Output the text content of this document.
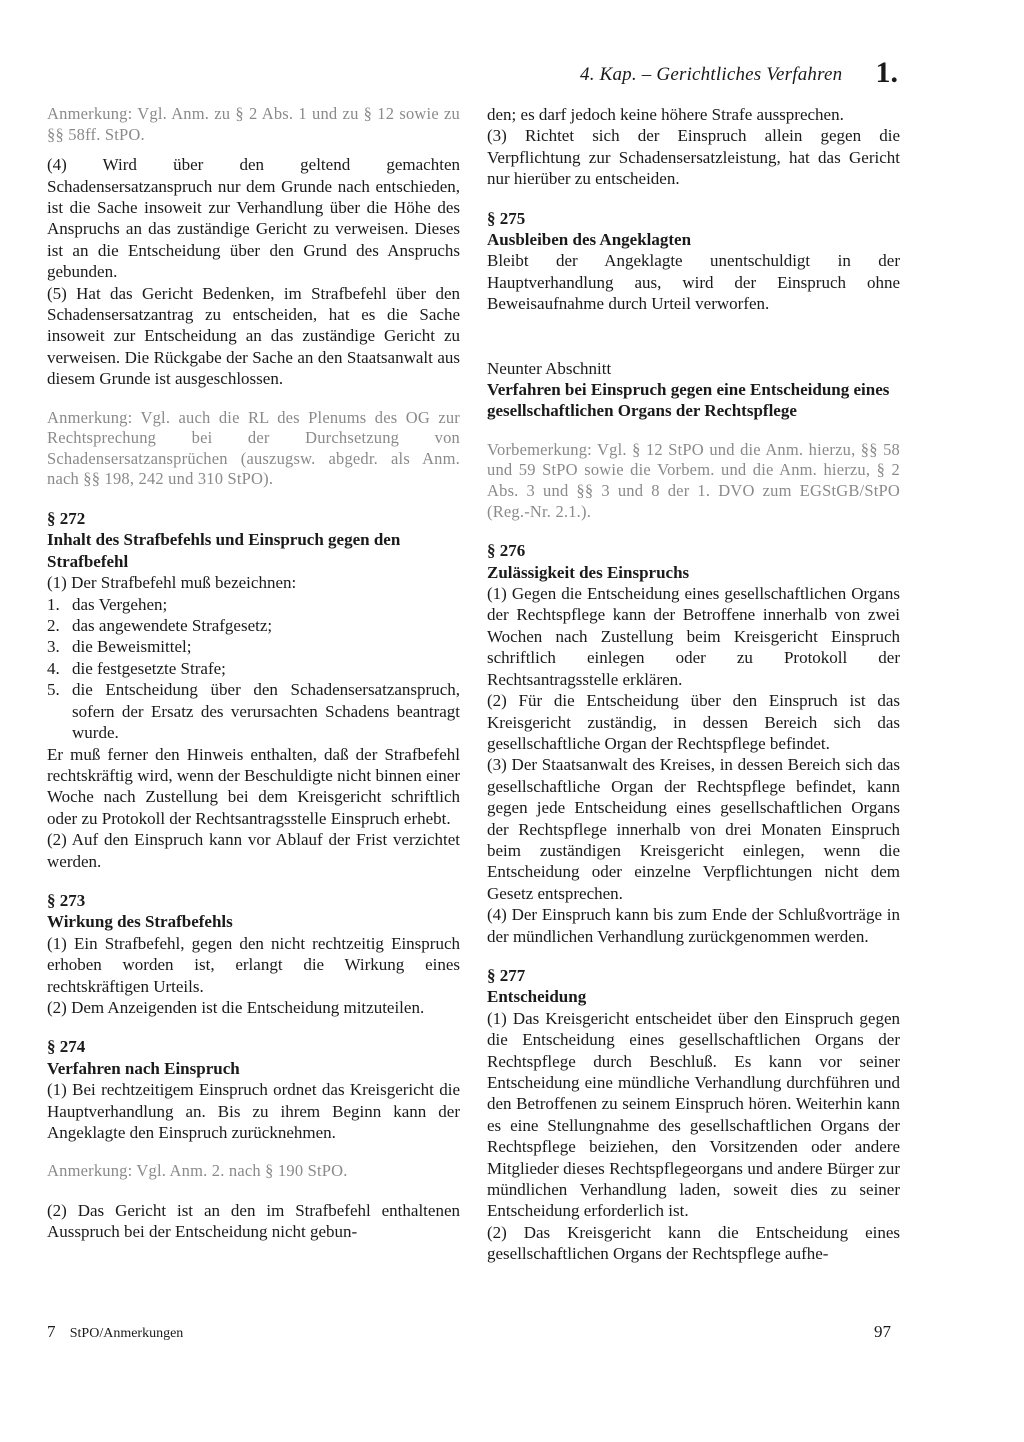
4. Kap. – Gerichtliches Verfahren 1.

Anmerkung: Vgl. Anm. zu § 2 Abs. 1 und zu § 12 sowie zu §§ 58ff. StPO.

(4) Wird über den geltend gemachten Schadensersatzanspruch nur dem Grunde nach entschieden, ist die Sache insoweit zur Verhandlung über die Höhe des Anspruchs an das zuständige Gericht zu verweisen. Dieses ist an die Entscheidung über den Grund des Anspruchs gebunden.

(5) Hat das Gericht Bedenken, im Strafbefehl über den Schadensersatzantrag zu entscheiden, hat es die Sache insoweit zur Entscheidung an das zuständige Gericht zu verweisen. Die Rückgabe der Sache an den Staatsanwalt aus diesem Grunde ist ausgeschlossen.

Anmerkung: Vgl. auch die RL des Plenums des OG zur Rechtsprechung bei der Durchsetzung von Schadensersatzansprüchen (auszugsw. abgedr. als Anm. nach §§ 198, 242 und 310 StPO).

§ 272

Inhalt des Strafbefehls und Einspruch gegen den Strafbefehl

(1) Der Strafbefehl muß bezeichnen:

1. das Vergehen;
2. das angewendete Strafgesetz;
3. die Beweismittel;
4. die festgesetzte Strafe;
5. die Entscheidung über den Schadensersatzanspruch, sofern der Ersatz des verursachten Schadens beantragt wurde.

Er muß ferner den Hinweis enthalten, daß der Strafbefehl rechtskräftig wird, wenn der Beschuldigte nicht binnen einer Woche nach Zustellung bei dem Kreisgericht schriftlich oder zu Protokoll der Rechtsantragsstelle Einspruch erhebt.

(2) Auf den Einspruch kann vor Ablauf der Frist verzichtet werden.

§ 273

Wirkung des Strafbefehls

(1) Ein Strafbefehl, gegen den nicht rechtzeitig Einspruch erhoben worden ist, erlangt die Wirkung eines rechtskräftigen Urteils.

(2) Dem Anzeigenden ist die Entscheidung mitzuteilen.

§ 274

Verfahren nach Einspruch

(1) Bei rechtzeitigem Einspruch ordnet das Kreisgericht die Hauptverhandlung an. Bis zu ihrem Beginn kann der Angeklagte den Einspruch zurücknehmen.

Anmerkung: Vgl. Anm. 2. nach § 190 StPO.

(2) Das Gericht ist an den im Strafbefehl enthaltenen Ausspruch bei der Entscheidung nicht gebun-

den; es darf jedoch keine höhere Strafe aussprechen.

(3) Richtet sich der Einspruch allein gegen die Verpflichtung zur Schadensersatzleistung, hat das Gericht nur hierüber zu entscheiden.

§ 275

Ausbleiben des Angeklagten

Bleibt der Angeklagte unentschuldigt in der Hauptverhandlung aus, wird der Einspruch ohne Beweisaufnahme durch Urteil verworfen.

Neunter Abschnitt

Verfahren bei Einspruch gegen eine Entscheidung eines gesellschaftlichen Organs der Rechtspflege

Vorbemerkung: Vgl. § 12 StPO und die Anm. hierzu, §§ 58 und 59 StPO sowie die Vorbem. und die Anm. hierzu, § 2 Abs. 3 und §§ 3 und 8 der 1. DVO zum EGStGB/StPO (Reg.-Nr. 2.1.).

§ 276

Zulässigkeit des Einspruchs

(1) Gegen die Entscheidung eines gesellschaftlichen Organs der Rechtspflege kann der Betroffene innerhalb von zwei Wochen nach Zustellung beim Kreisgericht Einspruch schriftlich einlegen oder zu Protokoll der Rechtsantragsstelle erklären.

(2) Für die Entscheidung über den Einspruch ist das Kreisgericht zuständig, in dessen Bereich sich das gesellschaftliche Organ der Rechtspflege befindet.

(3) Der Staatsanwalt des Kreises, in dessen Bereich sich das gesellschaftliche Organ der Rechtspflege befindet, kann gegen jede Entscheidung eines gesellschaftlichen Organs der Rechtspflege innerhalb von drei Monaten Einspruch beim zuständigen Kreisgericht einlegen, wenn die Entscheidung oder einzelne Verpflichtungen nicht dem Gesetz entsprechen.

(4) Der Einspruch kann bis zum Ende der Schlußvorträge in der mündlichen Verhandlung zurückgenommen werden.

§ 277

Entscheidung

(1) Das Kreisgericht entscheidet über den Einspruch gegen die Entscheidung eines gesellschaftlichen Organs der Rechtspflege durch Beschluß. Es kann vor seiner Entscheidung eine mündliche Verhandlung durchführen und den Betroffenen zu seinem Einspruch hören. Weiterhin kann es eine Stellungnahme des gesellschaftlichen Organs der Rechtspflege beiziehen, den Vorsitzenden oder andere Mitglieder dieses Rechtspflegeorgans und andere Bürger zur mündlichen Verhandlung laden, soweit dies zu seiner Entscheidung erforderlich ist.

(2) Das Kreisgericht kann die Entscheidung eines gesellschaftlichen Organs der Rechtspflege aufhe-

7 StPO/Anmerkungen	97
